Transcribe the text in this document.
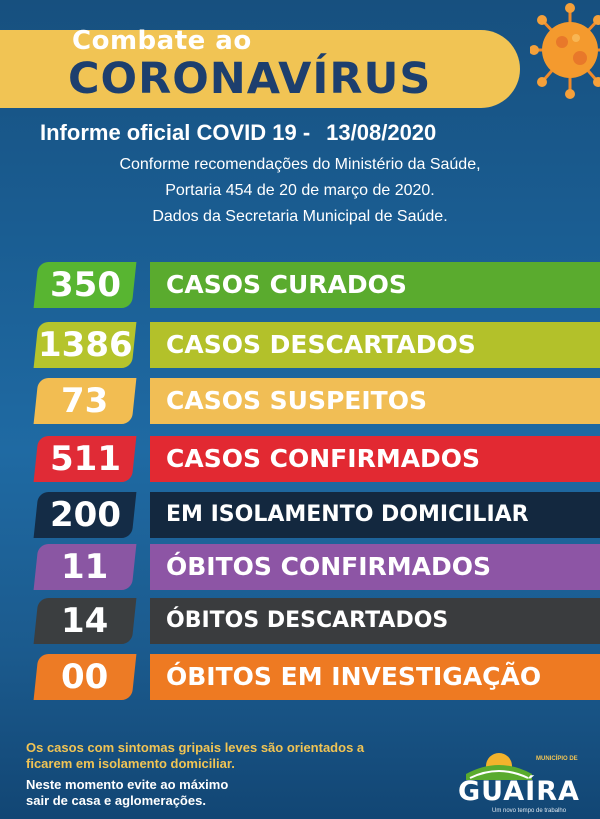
Combate ao
CORONAVÍRUS
Informe oficial COVID 19 - 13/08/2020
Conforme recomendações do Ministério da Saúde,
Portaria 454 de 20 de março de 2020.
Dados da Secretaria Municipal de Saúde.
350	CASOS CURADOS
1386	CASOS DESCARTADOS
73	CASOS SUSPEITOS
511	CASOS CONFIRMADOS
200	EM ISOLAMENTO DOMICILIAR
11	ÓBITOS CONFIRMADOS
14	ÓBITOS DESCARTADOS
00	ÓBITOS EM INVESTIGAÇÃO
Os casos com sintomas gripais leves são orientados a
ficarem em isolamento domiciliar.
Neste momento evite ao máximo
sair de casa e aglomerações.
MUNICÍPIO DE
GUAÍRA
Um novo tempo de trabalho
